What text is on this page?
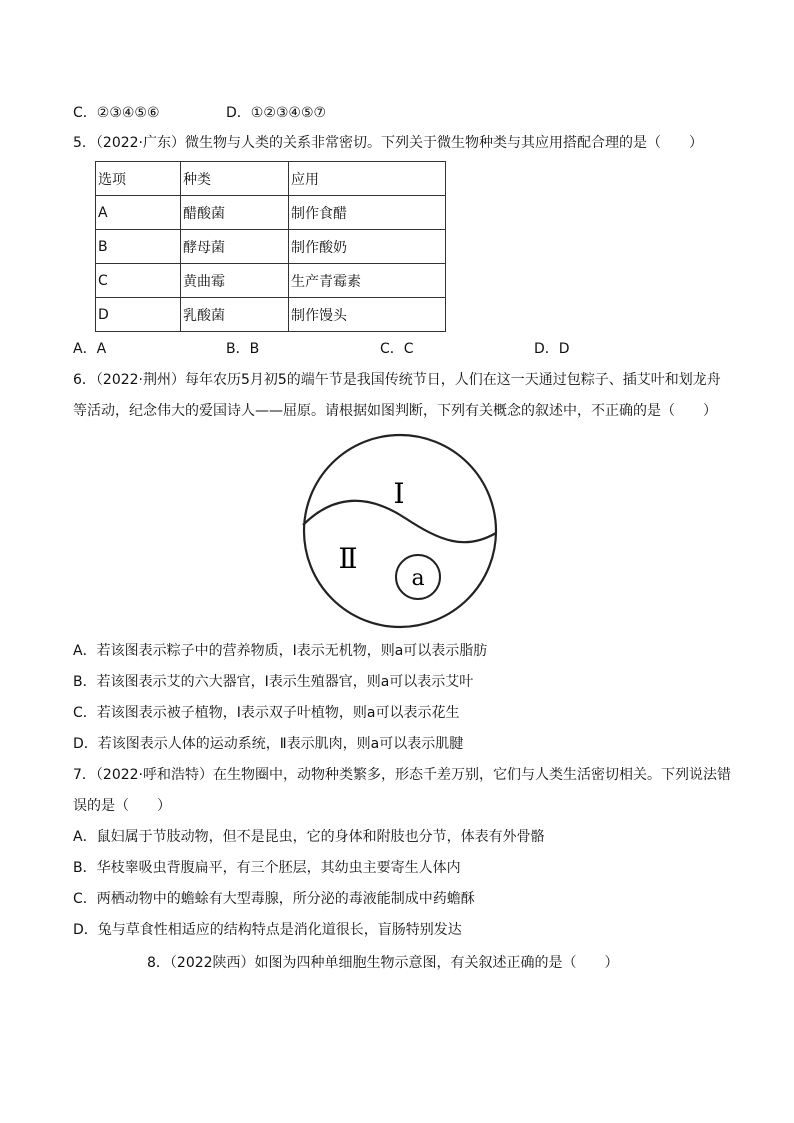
C．②③④⑤⑥	D．①②③④⑤⑦
5．（2022·广东）微生物与人类的关系非常密切。下列关于微生物种类与其应用搭配合理的是（　　）
选项	种类	应用
A	醋酸菌	制作食醋
B	酵母菌	制作酸奶
C	黄曲霉	生产青霉素
D	乳酸菌	制作馒头
A．A	B．B	C．C	D．D
6．（2022·荆州）每年农历5月初5的端午节是我国传统节日，人们在这一天通过包粽子、插艾叶和划龙舟
等活动，纪念伟大的爱国诗人——屈原。请根据如图判断，下列有关概念的叙述中，不正确的是（　　）
Ⅰ
Ⅱ
a
A．若该图表示粽子中的营养物质，Ⅰ表示无机物，则a可以表示脂肪
B．若该图表示艾的六大器官，Ⅰ表示生殖器官，则a可以表示艾叶
C．若该图表示被子植物，Ⅰ表示双子叶植物，则a可以表示花生
D．若该图表示人体的运动系统，Ⅱ表示肌肉，则a可以表示肌腱
7．（2022·呼和浩特）在生物圈中，动物种类繁多，形态千差万别，它们与人类生活密切相关。下列说法错
误的是（　　）
A．鼠妇属于节肢动物，但不是昆虫，它的身体和附肢也分节，体表有外骨骼
B．华枝睾吸虫背腹扁平，有三个胚层，其幼虫主要寄生人体内
C．两栖动物中的蟾蜍有大型毒腺，所分泌的毒液能制成中药蟾酥
D．兔与草食性相适应的结构特点是消化道很长，盲肠特别发达
8．（2022陕西）如图为四种单细胞生物示意图，有关叙述正确的是（　　）
